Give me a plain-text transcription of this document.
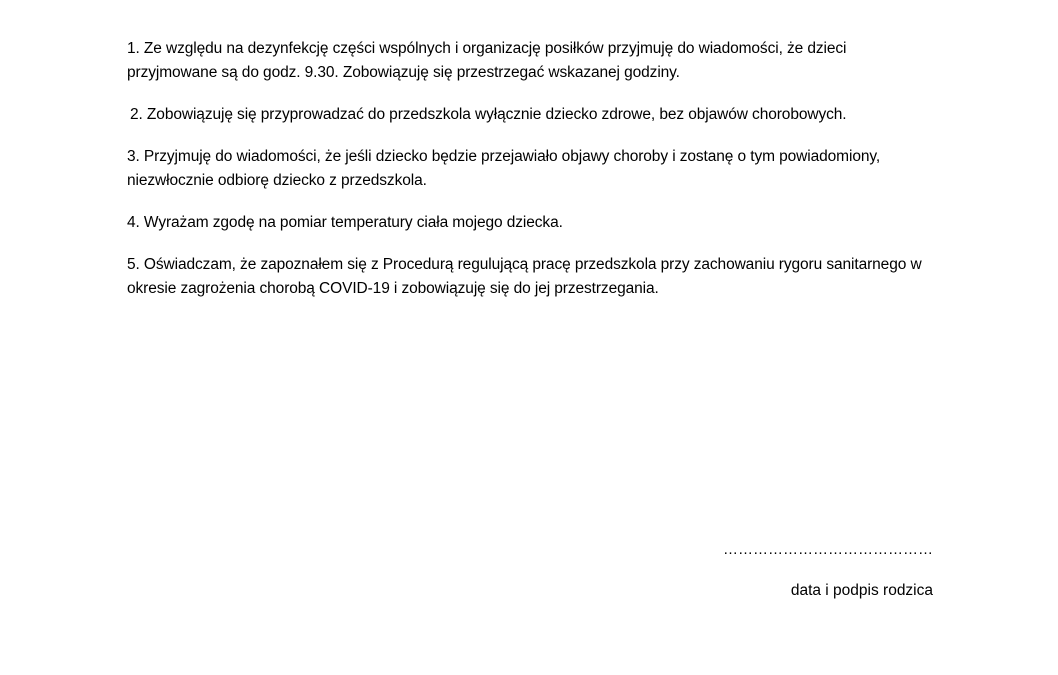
1. Ze względu na dezynfekcję części wspólnych i organizację posiłków przyjmuję do wiadomości, że dzieci przyjmowane są do godz. 9.30. Zobowiązuję się przestrzegać wskazanej godziny.

2. Zobowiązuję się przyprowadzać do przedszkola wyłącznie dziecko zdrowe, bez objawów chorobowych.

3. Przyjmuję do wiadomości, że jeśli dziecko będzie przejawiało objawy choroby i zostanę o tym powiadomiony, niezwłocznie odbiorę dziecko z przedszkola.

4. Wyrażam zgodę na pomiar temperatury ciała mojego dziecka.

5. Oświadczam, że zapoznałem się z Procedurą regulującą pracę przedszkola przy zachowaniu rygoru sanitarnego w okresie zagrożenia chorobą COVID-19 i zobowiązuję się do jej przestrzegania.

……………………………………

data i podpis rodzica
